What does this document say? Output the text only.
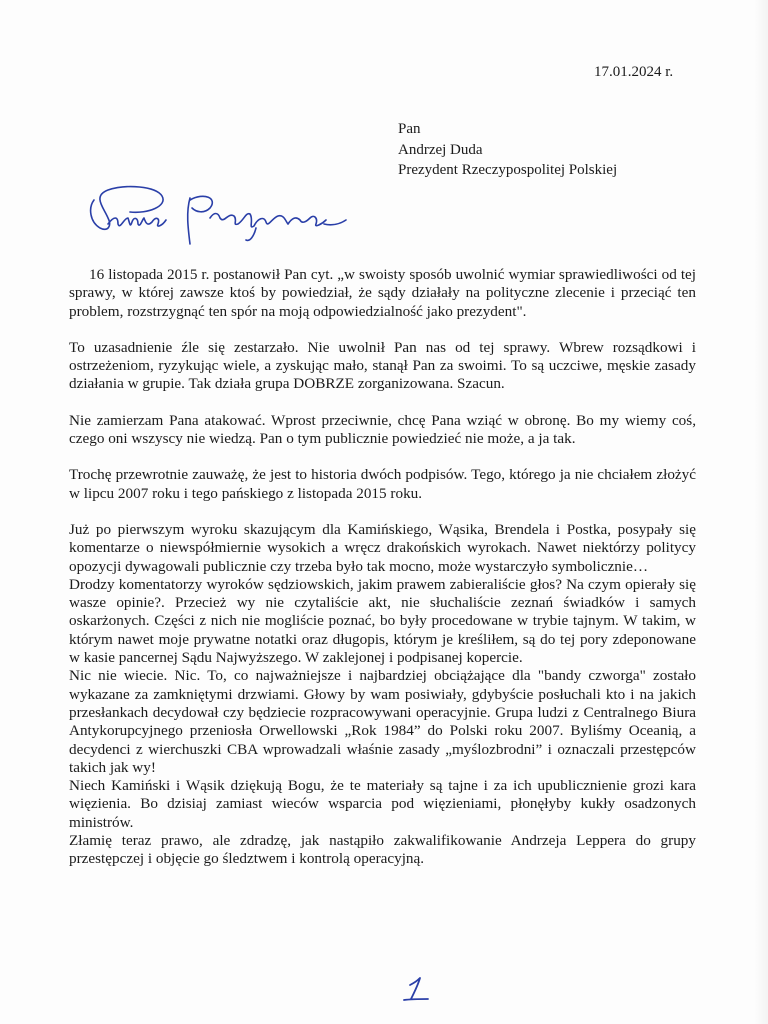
17.01.2024 r.
Pan
Andrzej Duda
Prezydent Rzeczypospolitej Polskiej

16 listopada 2015 r. postanowił Pan cyt. „w swoisty sposób uwolnić wymiar sprawiedliwości od tej sprawy, w której zawsze ktoś by powiedział, że sądy działały na polityczne zlecenie i przeciąć ten problem, rozstrzygnąć ten spór na moją odpowiedzialność jako prezydent".

To uzasadnienie źle się zestarzało. Nie uwolnił Pan nas od tej sprawy. Wbrew rozsądkowi i ostrzeżeniom, ryzykując wiele, a zyskując mało, stanął Pan za swoimi. To są uczciwe, męskie zasady działania w grupie. Tak działa grupa DOBRZE zorganizowana. Szacun.

Nie zamierzam Pana atakować. Wprost przeciwnie, chcę Pana wziąć w obronę. Bo my wiemy coś, czego oni wszyscy nie wiedzą. Pan o tym publicznie powiedzieć nie może, a ja tak.

Trochę przewrotnie zauważę, że jest to historia dwóch podpisów. Tego, którego ja nie chciałem złożyć w lipcu 2007 roku i tego pańskiego z listopada 2015 roku.

Już po pierwszym wyroku skazującym dla Kamińskiego, Wąsika, Brendela i Postka, posypały się komentarze o niewspółmiernie wysokich a wręcz drakońskich wyrokach. Nawet niektórzy politycy opozycji dywagowali publicznie czy trzeba było tak mocno, może wystarczyło symbolicznie…

Drodzy komentatorzy wyroków sędziowskich, jakim prawem zabieraliście głos? Na czym opierały się wasze opinie?. Przecież wy nie czytaliście akt, nie słuchaliście zeznań świadków i samych oskarżonych. Części z nich nie mogliście poznać, bo były procedowane w trybie tajnym. W takim, w którym nawet moje prywatne notatki oraz długopis, którym je kreśliłem, są do tej pory zdeponowane w kasie pancernej Sądu Najwyższego. W zaklejonej i podpisanej kopercie.

Nic nie wiecie. Nic. To, co najważniejsze i najbardziej obciążające dla "bandy czworga" zostało wykazane za zamkniętymi drzwiami. Głowy by wam posiwiały, gdybyście posłuchali kto i na jakich przesłankach decydował czy będziecie rozpracowywani operacyjnie. Grupa ludzi z Centralnego Biura Antykorupcyjnego przeniosła Orwellowski „Rok 1984” do Polski roku 2007. Byliśmy Oceanią, a decydenci z wierchuszki CBA wprowadzali właśnie zasady „myślozbrodni” i oznaczali przestępców takich jak wy!

Niech Kamiński i Wąsik dziękują Bogu, że te materiały są tajne i za ich upublicznienie grozi kara więzienia. Bo dzisiaj zamiast wieców wsparcia pod więzieniami, płonęłyby kukły osadzonych ministrów.

Złamię teraz prawo, ale zdradzę, jak nastąpiło zakwalifikowanie Andrzeja Leppera do grupy przestępczej i objęcie go śledztwem i kontrolą operacyjną.
